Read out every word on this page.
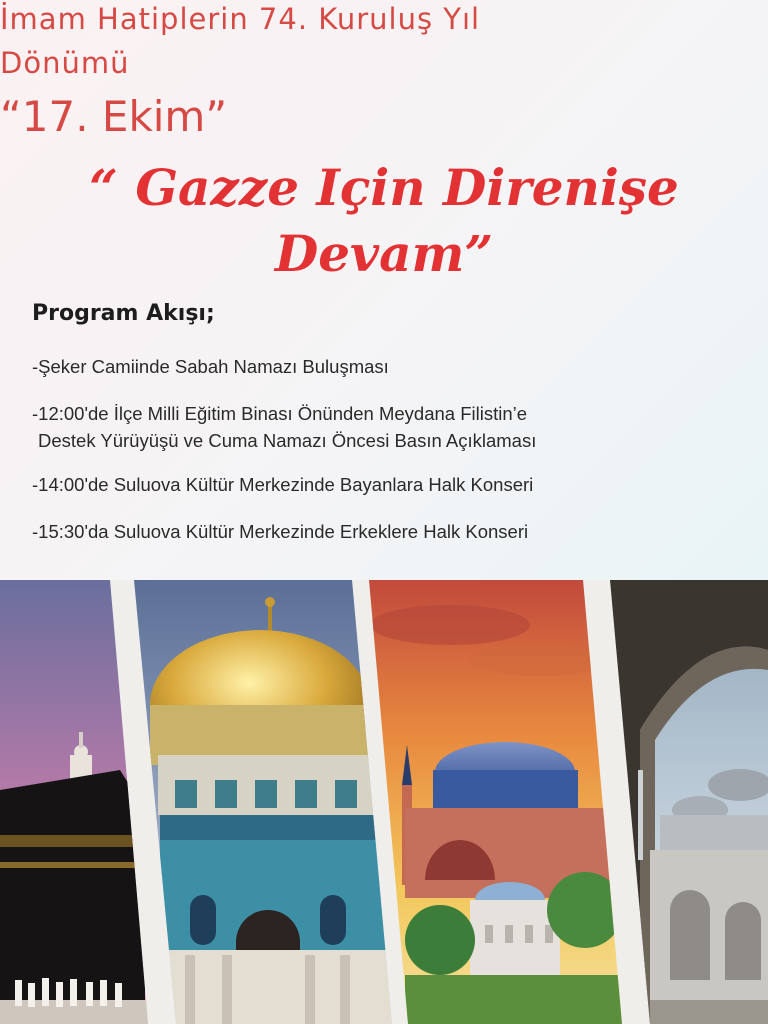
İmam Hatiplerin 74. Kuruluş Yıl
Dönümü
“17. Ekim”
“ Gazze Için Direnişe
Devam”
Program Akışı;
-Şeker Camiinde Sabah Namazı Buluşması
-12:00'de İlçe Milli Eğitim Binası Önünden Meydana Filistin’e
Destek Yürüyüşü ve Cuma Namazı Öncesi Basın Açıklaması
-14:00'de Suluova Kültür Merkezinde Bayanlara Halk Konseri
-15:30'da Suluova Kültür Merkezinde Erkeklere Halk Konseri
